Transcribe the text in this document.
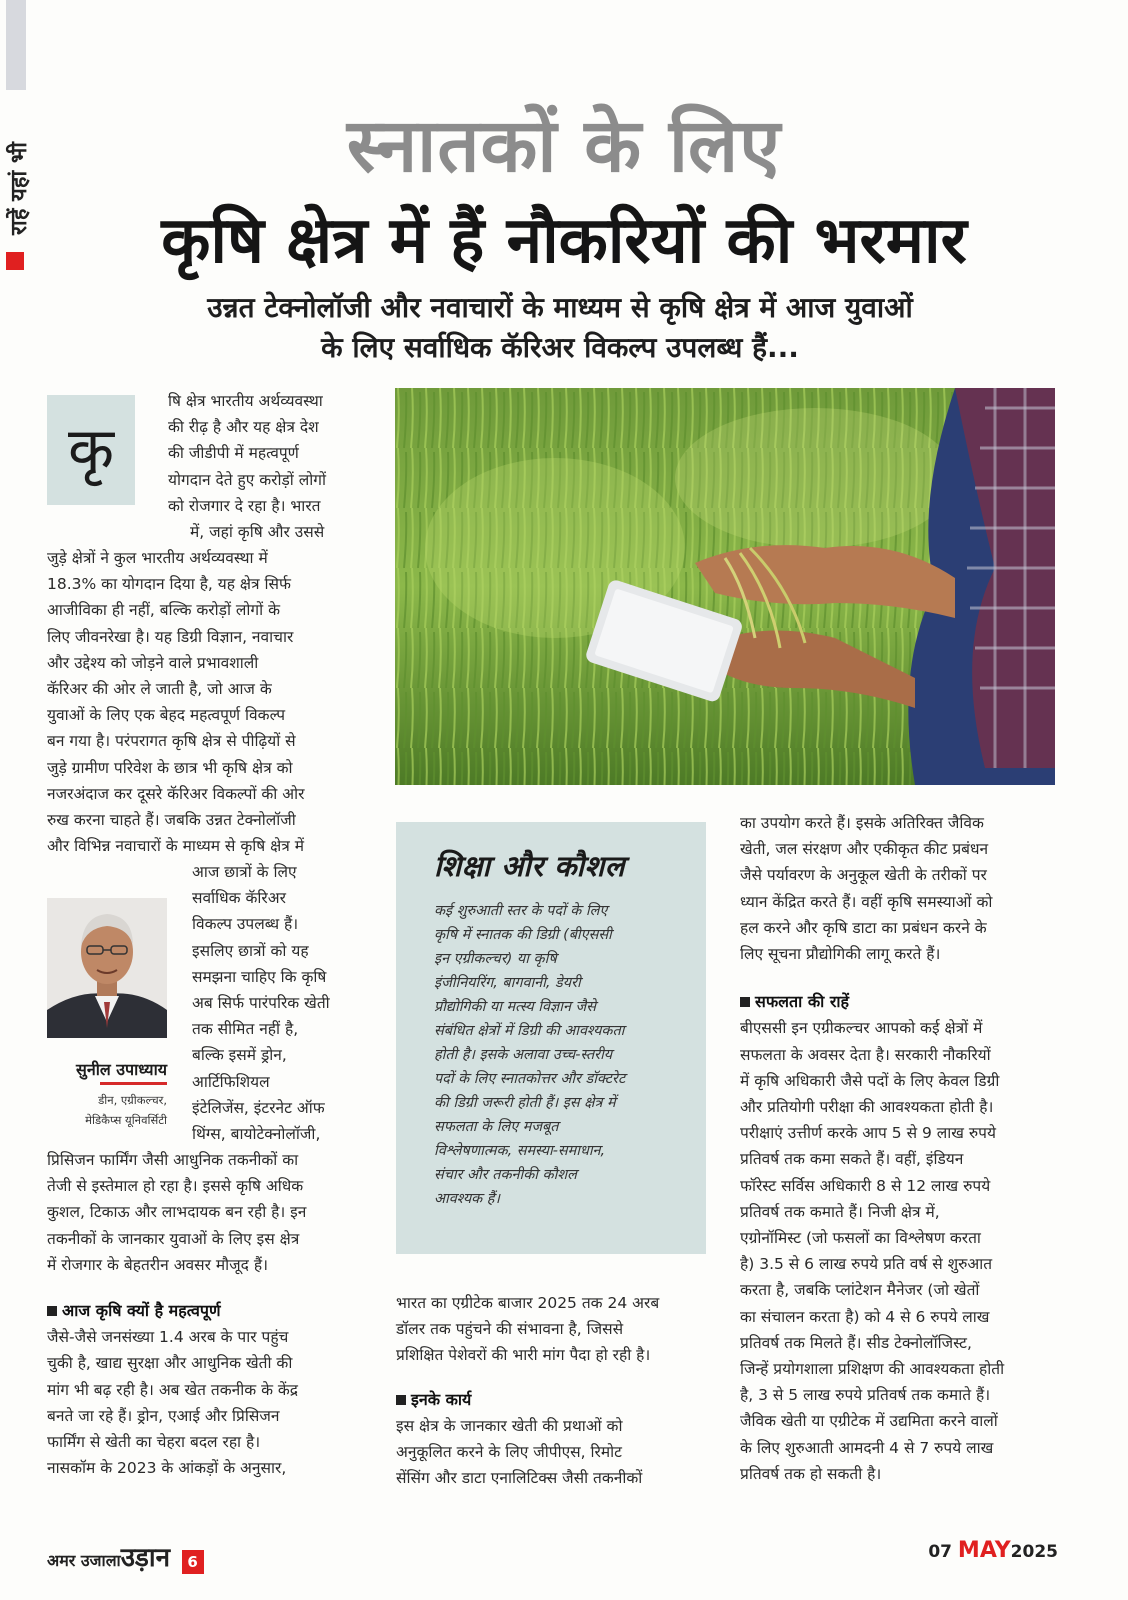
राहें यहां भी	स्नातकों के लिए
कृषि क्षेत्र में हैं नौकरियों की भरमार
उन्नत टेक्नोलॉजी और नवाचारों के माध्यम से कृषि क्षेत्र में आज युवाओं
के लिए सर्वाधिक कॅरिअर विकल्प उपलब्ध हैं...
कृ
षि क्षेत्र भारतीय अर्थव्यवस्था
की रीढ़ है और यह क्षेत्र देश
की जीडीपी में महत्वपूर्ण
योगदान देते हुए करोड़ों लोगों
को रोजगार दे रहा है। भारत
में, जहां कृषि और उससे
जुड़े क्षेत्रों ने कुल भारतीय अर्थव्यवस्था में
18.3% का योगदान दिया है, यह क्षेत्र सिर्फ
आजीविका ही नहीं, बल्कि करोड़ों लोगों के
लिए जीवनरेखा है। यह डिग्री विज्ञान, नवाचार
और उद्देश्य को जोड़ने वाले प्रभावशाली
कॅरिअर की ओर ले जाती है, जो आज के
युवाओं के लिए एक बेहद महत्वपूर्ण विकल्प
बन गया है। परंपरागत कृषि क्षेत्र से पीढ़ियों से
जुड़े ग्रामीण परिवेश के छात्र भी कृषि क्षेत्र को
नजरअंदाज कर दूसरे कॅरिअर विकल्पों की ओर
रुख करना चाहते हैं। जबकि उन्नत टेक्नोलॉजी
और विभिन्न नवाचारों के माध्यम से कृषि क्षेत्र में
सुनील उपाध्याय
डीन, एग्रीकल्चर,
मेडिकैप्स यूनिवर्सिटी
आज छात्रों के लिए
सर्वाधिक कॅरिअर
विकल्प उपलब्ध हैं।
इसलिए छात्रों को यह
समझना चाहिए कि कृषि
अब सिर्फ पारंपरिक खेती
तक सीमित नहीं है,
बल्कि इसमें ड्रोन,
आर्टिफिशियल
इंटेलिजेंस, इंटरनेट ऑफ
थिंग्स, बायोटेक्नोलॉजी,
प्रिसिजन फार्मिंग जैसी आधुनिक तकनीकों का
तेजी से इस्तेमाल हो रहा है। इससे कृषि अधिक
कुशल, टिकाऊ और लाभदायक बन रही है। इन
तकनीकों के जानकार युवाओं के लिए इस क्षेत्र
में रोजगार के बेहतरीन अवसर मौजूद हैं।
आज कृषि क्यों है महत्वपूर्ण
जैसे-जैसे जनसंख्या 1.4 अरब के पार पहुंच
चुकी है, खाद्य सुरक्षा और आधुनिक खेती की
मांग भी बढ़ रही है। अब खेत तकनीक के केंद्र
बनते जा रहे हैं। ड्रोन, एआई और प्रिसिजन
फार्मिंग से खेती का चेहरा बदल रहा है।
नासकॉम के 2023 के आंकड़ों के अनुसार,
शिक्षा और कौशल
कई शुरुआती स्तर के पदों के लिए
कृषि में स्नातक की डिग्री (बीएससी
इन एग्रीकल्चर) या कृषि
इंजीनियरिंग, बागवानी, डेयरी
प्रौद्योगिकी या मत्स्य विज्ञान जैसे
संबंधित क्षेत्रों में डिग्री की आवश्यकता
होती है। इसके अलावा उच्च-स्तरीय
पदों के लिए स्नातकोत्तर और डॉक्टरेट
की डिग्री जरूरी होती हैं। इस क्षेत्र में
सफलता के लिए मजबूत
विश्लेषणात्मक, समस्या-समाधान,
संचार और तकनीकी कौशल
आवश्यक हैं।
भारत का एग्रीटेक बाजार 2025 तक 24 अरब
डॉलर तक पहुंचने की संभावना है, जिससे
प्रशिक्षित पेशेवरों की भारी मांग पैदा हो रही है।
इनके कार्य
इस क्षेत्र के जानकार खेती की प्रथाओं को
अनुकूलित करने के लिए जीपीएस, रिमोट
सेंसिंग और डाटा एनालिटिक्स जैसी तकनीकों
का उपयोग करते हैं। इसके अतिरिक्त जैविक
खेती, जल संरक्षण और एकीकृत कीट प्रबंधन
जैसे पर्यावरण के अनुकूल खेती के तरीकों पर
ध्यान केंद्रित करते हैं। वहीं कृषि समस्याओं को
हल करने और कृषि डाटा का प्रबंधन करने के
लिए सूचना प्रौद्योगिकी लागू करते हैं।
सफलता की राहें
बीएससी इन एग्रीकल्चर आपको कई क्षेत्रों में
सफलता के अवसर देता है। सरकारी नौकरियों
में कृषि अधिकारी जैसे पदों के लिए केवल डिग्री
और प्रतियोगी परीक्षा की आवश्यकता होती है।
परीक्षाएं उत्तीर्ण करके आप 5 से 9 लाख रुपये
प्रतिवर्ष तक कमा सकते हैं। वहीं, इंडियन
फॉरेस्ट सर्विस अधिकारी 8 से 12 लाख रुपये
प्रतिवर्ष तक कमाते हैं। निजी क्षेत्र में,
एग्रोनॉमिस्ट (जो फसलों का विश्लेषण करता
है) 3.5 से 6 लाख रुपये प्रति वर्ष से शुरुआत
करता है, जबकि प्लांटेशन मैनेजर (जो खेतों
का संचालन करता है) को 4 से 6 रुपये लाख
प्रतिवर्ष तक मिलते हैं। सीड टेक्नोलॉजिस्ट,
जिन्हें प्रयोगशाला प्रशिक्षण की आवश्यकता होती
है, 3 से 5 लाख रुपये प्रतिवर्ष तक कमाते हैं।
जैविक खेती या एग्रीटेक में उद्यमिता करने वालों
के लिए शुरुआती आमदनी 4 से 7 रुपये लाख
प्रतिवर्ष तक हो सकती है।
अमर उजालाउड़ान 6	07 MAY2025
